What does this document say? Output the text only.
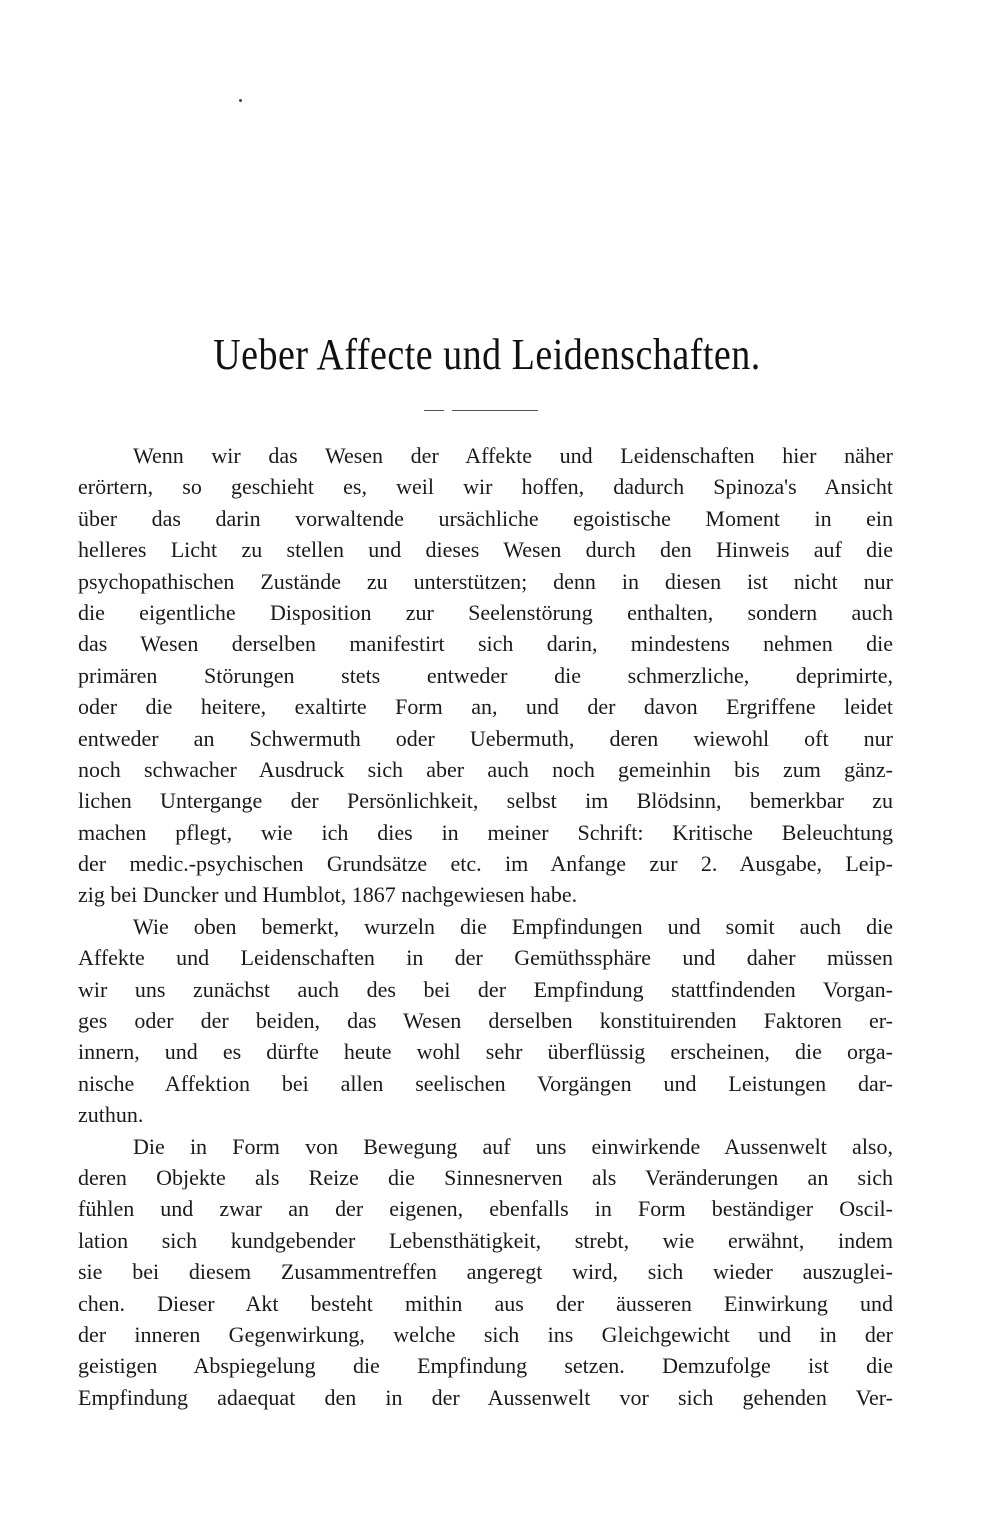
Ueber Affecte und Leidenschaften.
Wenn wir das Wesen der Affekte und Leidenschaften hier näher
erörtern, so geschieht es, weil wir hoffen, dadurch Spinoza's Ansicht
über das darin vorwaltende ursächliche egoistische Moment in ein
helleres Licht zu stellen und dieses Wesen durch den Hinweis auf die
psychopathischen Zustände zu unterstützen; denn in diesen ist nicht nur
die eigentliche Disposition zur Seelenstörung enthalten, sondern auch
das Wesen derselben manifestirt sich darin, mindestens nehmen die
primären Störungen stets entweder die schmerzliche, deprimirte,
oder die heitere, exaltirte Form an, und der davon Ergriffene leidet
entweder an Schwermuth oder Uebermuth, deren wiewohl oft nur
noch schwacher Ausdruck sich aber auch noch gemeinhin bis zum gänz-
lichen Untergange der Persönlichkeit, selbst im Blödsinn, bemerkbar zu
machen pflegt, wie ich dies in meiner Schrift: Kritische Beleuchtung
der medic.-psychischen Grundsätze etc. im Anfange zur 2. Ausgabe, Leip-
zig bei Duncker und Humblot, 1867 nachgewiesen habe.
Wie oben bemerkt, wurzeln die Empfindungen und somit auch die
Affekte und Leidenschaften in der Gemüthssphäre und daher müssen
wir uns zunächst auch des bei der Empfindung stattfindenden Vorgan-
ges oder der beiden, das Wesen derselben konstituirenden Faktoren er-
innern, und es dürfte heute wohl sehr überflüssig erscheinen, die orga-
nische Affektion bei allen seelischen Vorgängen und Leistungen dar-
zuthun.
Die in Form von Bewegung auf uns einwirkende Aussenwelt also,
deren Objekte als Reize die Sinnesnerven als Veränderungen an sich
fühlen und zwar an der eigenen, ebenfalls in Form beständiger Oscil-
lation sich kundgebender Lebensthätigkeit, strebt, wie erwähnt, indem
sie bei diesem Zusammentreffen angeregt wird, sich wieder auszuglei-
chen. Dieser Akt besteht mithin aus der äusseren Einwirkung und
der inneren Gegenwirkung, welche sich ins Gleichgewicht und in der
geistigen Abspiegelung die Empfindung setzen. Demzufolge ist die
Empfindung adaequat den in der Aussenwelt vor sich gehenden Ver-
